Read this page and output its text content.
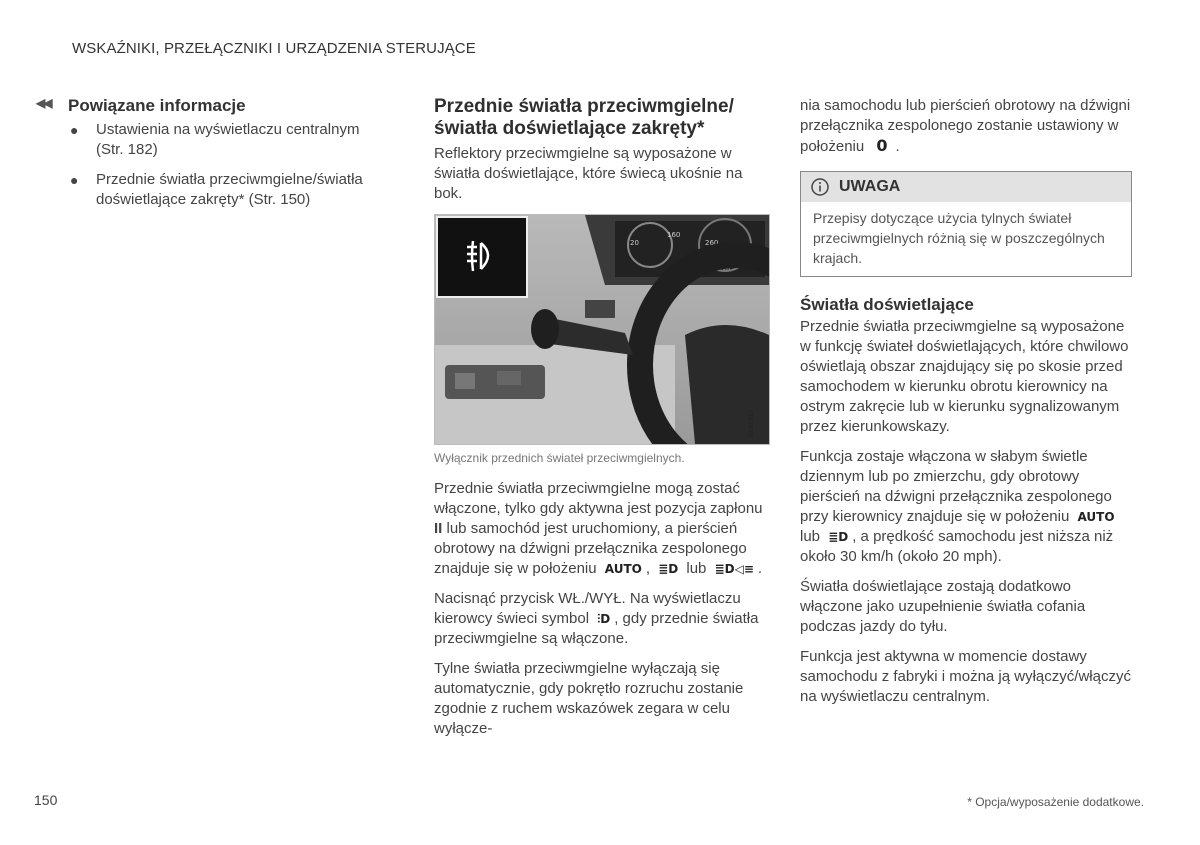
WSKAŹNIKI, PRZEŁĄCZNIKI I URZĄDZENIA STERUJĄCE
◀◀ Powiązane informacje
● Ustawienia na wyświetlaczu centralnym (Str. 182)
● Przednie światła przeciwmgielne/światła doświetlające zakręty* (Str. 150)
Przednie światła przeciwmgielne/ światła doświetlające zakręty*

Reflektory przeciwmgielne są wyposażone w światła doświetlające, które świecą ukośnie na bok.

20
160
260
Trip 1 8 2 4 km
G062912
Wyłącznik przednich świateł przeciwmgielnych.

Przednie światła przeciwmgielne mogą zostać włączone, tylko gdy aktywna jest pozycja zapłonu II lub samochód jest uruchomiony, a pierścień obrotowy na dźwigni przełącznika zespolonego znajduje się w położeniu AUTO , ≣D lub ≣D◁≡ .

Nacisnąć przycisk WŁ./WYŁ. Na wyświetlaczu kierowcy świeci symbol ⫶D , gdy przednie światła przeciwmgielne są włączone.

Tylne światła przeciwmgielne wyłączają się automatycznie, gdy pokrętło rozruchu zostanie zgodnie z ruchem wskazówek zegara w celu wyłącze-

nia samochodu lub pierścień obrotowy na dźwigni przełącznika zespolonego zostanie ustawiony w położeniu 0 .

UWAGA
Przepisy dotyczące użycia tylnych świateł przeciwmgielnych różnią się w poszczególnych krajach.
Światła doświetlające

Przednie światła przeciwmgielne są wyposażone w funkcję świateł doświetlających, które chwilowo oświetlają obszar znajdujący się po skosie przed samochodem w kierunku obrotu kierownicy na ostrym zakręcie lub w kierunku sygnalizowanym przez kierunkowskazy.

Funkcja zostaje włączona w słabym świetle dziennym lub po zmierzchu, gdy obrotowy pierścień na dźwigni przełącznika zespolonego przy kierownicy znajduje się w położeniu AUTO lub ≣D , a prędkość samochodu jest niższa niż około 30 km/h (około 20 mph).

Światła doświetlające zostają dodatkowo włączone jako uzupełnienie światła cofania podczas jazdy do tyłu.

Funkcja jest aktywna w momencie dostawy samochodu z fabryki i można ją wyłączyć/włączyć na wyświetlaczu centralnym.

150	* Opcja/wyposażenie dodatkowe.
